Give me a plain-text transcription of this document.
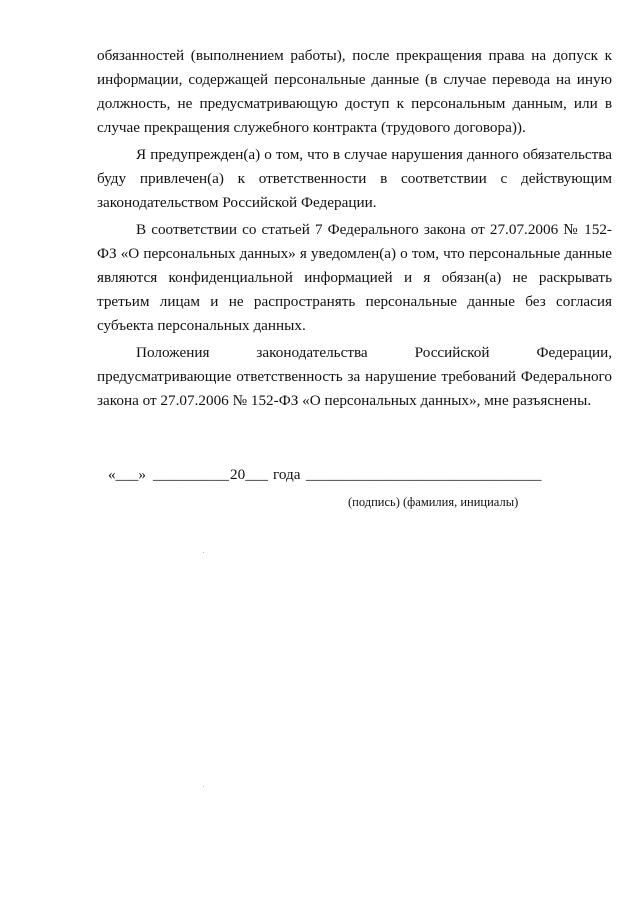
обязанностей (выполнением работы), после прекращения права на допуск к информации, содержащей персональные данные (в случае перевода на иную должность, не предусматривающую доступ к персональным данным, или в случае прекращения служебного контракта (трудового договора)).

Я предупрежден(а) о том, что в случае нарушения данного обязательства буду привлечен(а) к ответственности в соответствии с действующим законодательством Российской Федерации.

В соответствии со статьей 7 Федерального закона от 27.07.2006 № 152-ФЗ «О персональных данных» я уведомлен(а) о том, что персональные данные являются конфиденциальной информацией и я обязан(а) не раскрывать третьим лицам и не распространять персональные данные без согласия субъекта персональных данных.

Положения законодательства Российской Федерации, предусматривающие ответственность за нарушение требований Федерального закона от 27.07.2006 № 152-ФЗ «О персональных данных», мне разъяснены.

«___» __________ 20___ года _______________________________
(подпись) (фамилия, инициалы)
